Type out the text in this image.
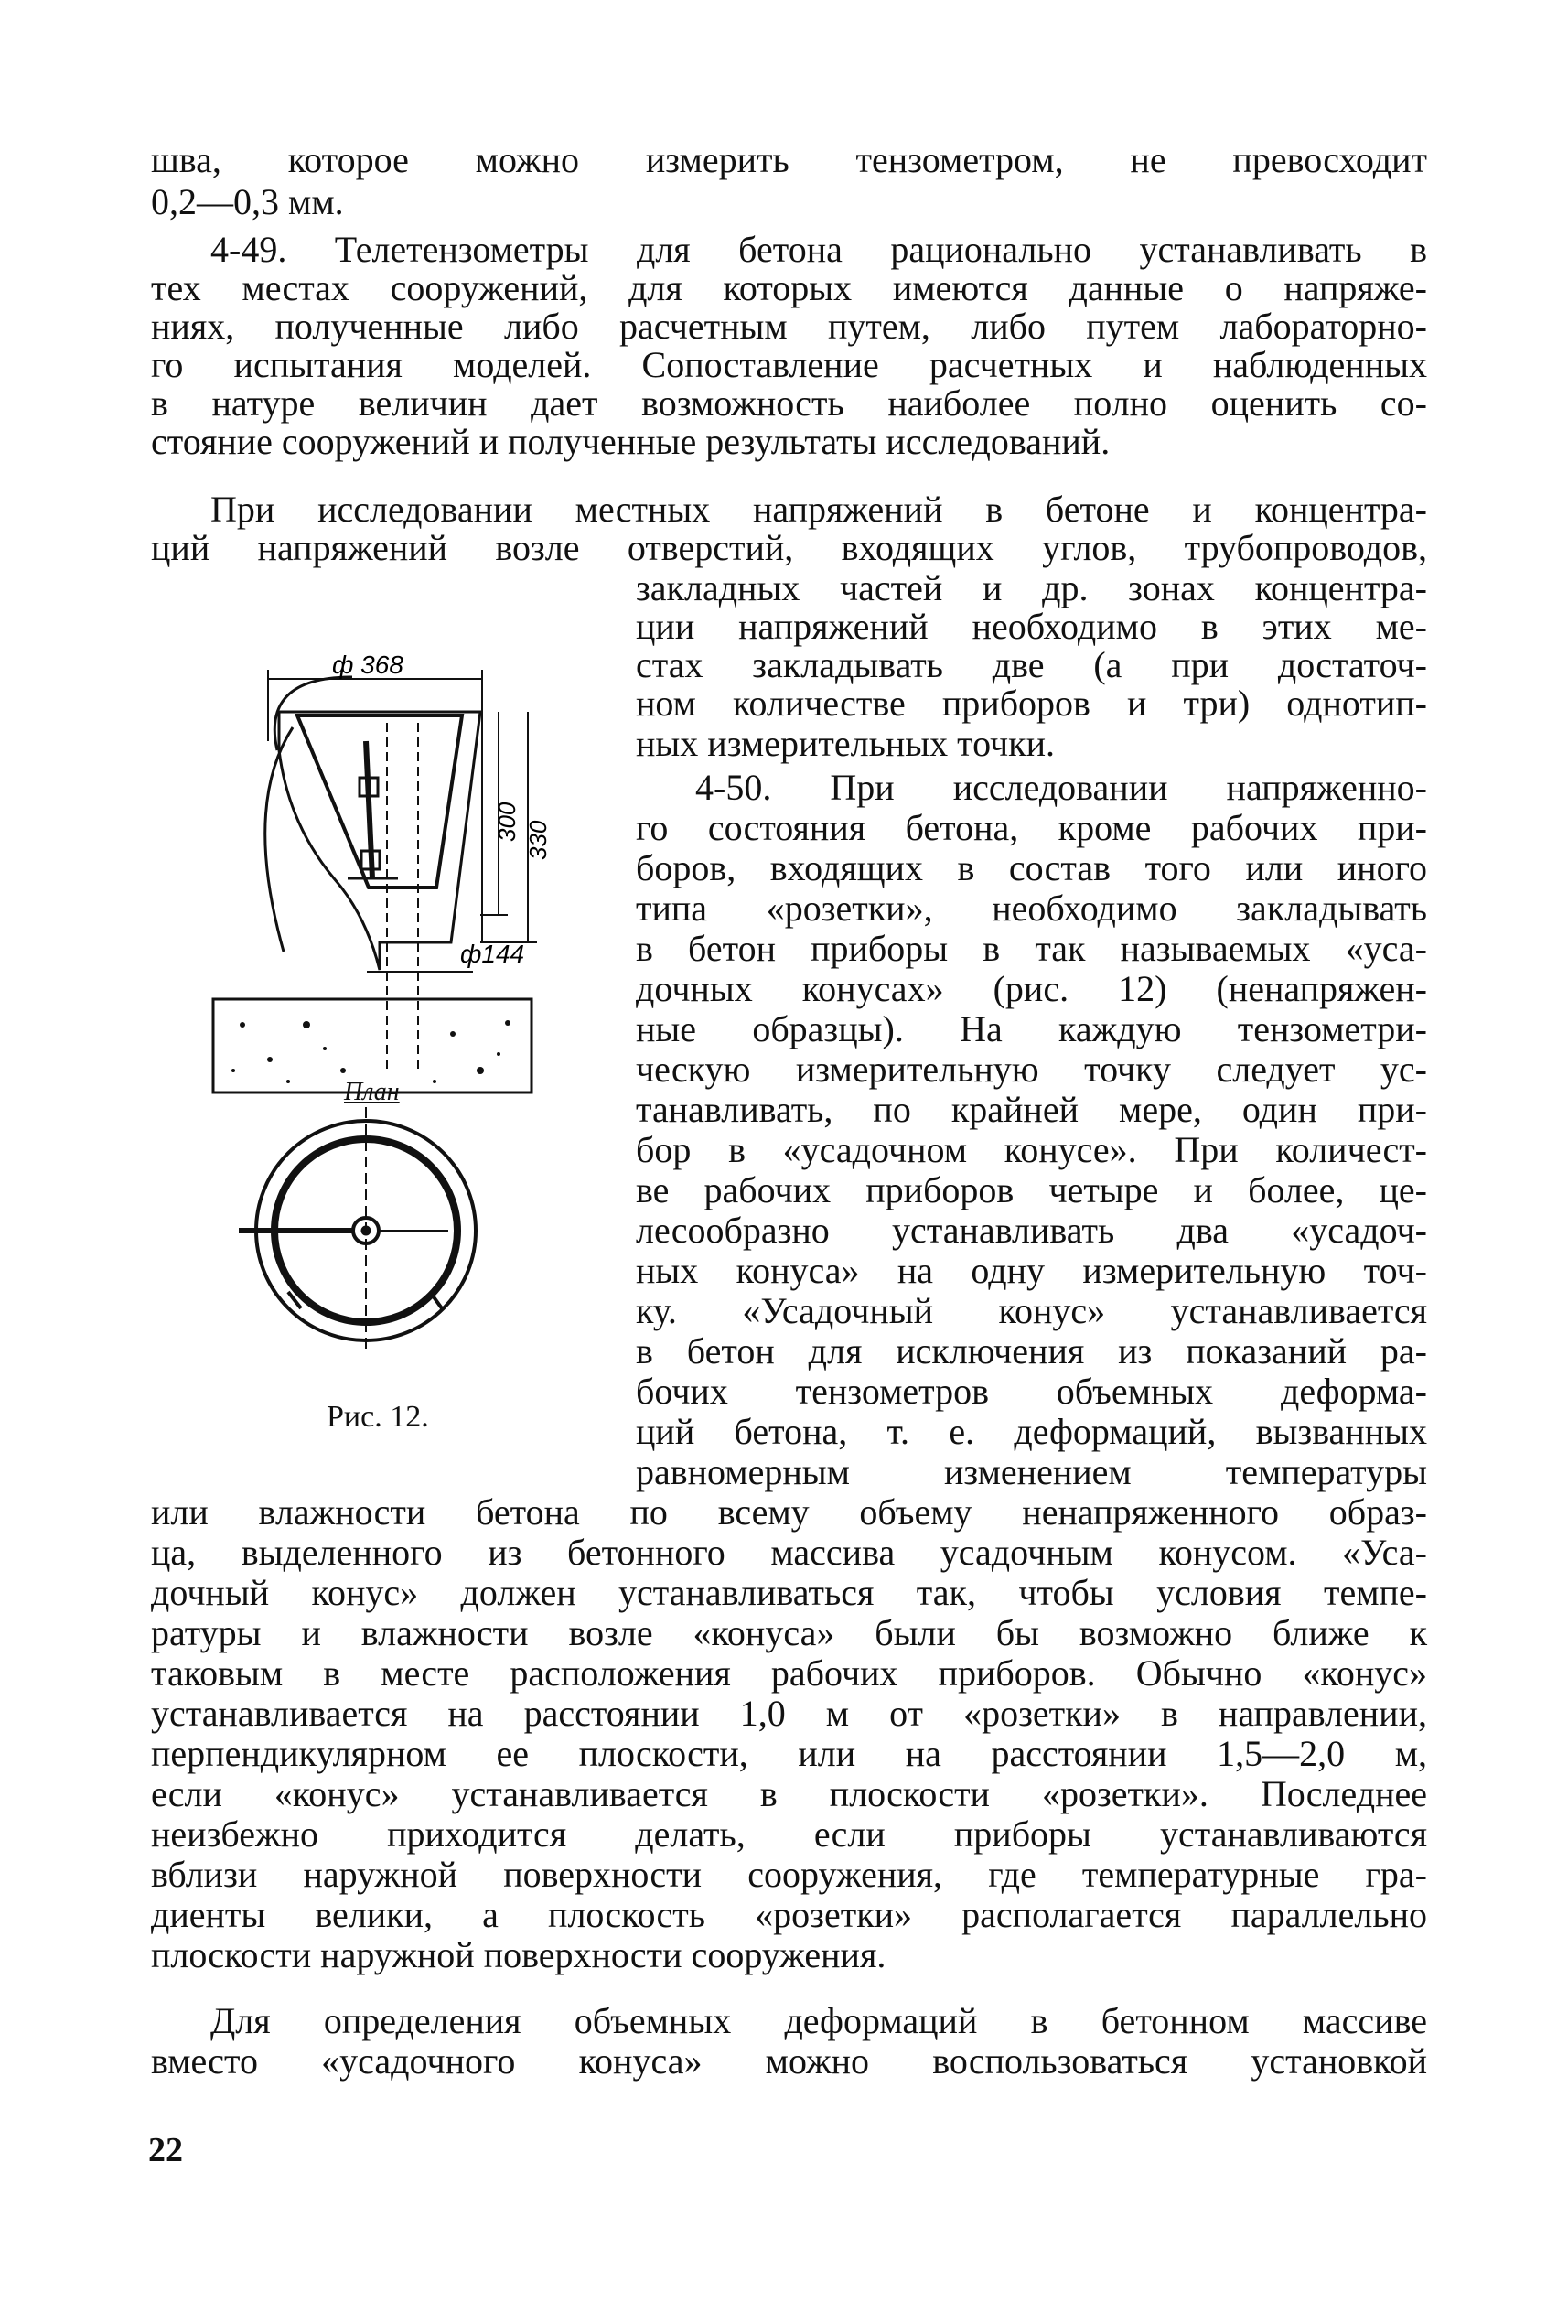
шва, которое можно измерить тензометром, не превосходит
0,2—0,3 мм.
4-49. Телетензометры для бетона рационально устанавливать в
тех местах сооружений, для которых имеются данные о напряже-
ниях, полученные либо расчетным путем, либо путем лабораторно-
го испытания моделей. Сопоставление расчетных и наблюденных
в натуре величин дает возможность наиболее полно оценить со-
стояние сооружений и полученные результаты исследований.
При исследовании местных напряжений в бетоне и концентра-
ций напряжений возле отверстий, входящих углов, трубопроводов,
закладных частей и др. зонах концентра-
ции напряжений необходимо в этих ме-
стах закладывать две (а при достаточ-
ном количестве приборов и три) однотип-
ных измерительных точки.
4-50. При исследовании напряженно-
го состояния бетона, кроме рабочих при-
боров, входящих в состав того или иного
типа «розетки», необходимо закладывать
в бетон приборы в так называемых «уса-
дочных конусах» (рис. 12) (ненапряжен-
ные образцы). На каждую тензометри-
ческую измерительную точку следует ус-
танавливать, по крайней мере, один при-
бор в «усадочном конусе». При количест-
ве рабочих приборов четыре и более, це-
лесообразно устанавливать два «усадоч-
ных конуса» на одну измерительную точ-
ку. «Усадочный конус» устанавливается
в бетон для исключения из показаний ра-
бочих тензометров объемных деформа-
ций бетона, т. е. деформаций, вызванных
равномерным изменением температуры
или влажности бетона по всему объему ненапряженного образ-
ца, выделенного из бетонного массива усадочным конусом. «Уса-
дочный конус» должен устанавливаться так, чтобы условия темпе-
ратуры и влажности возле «конуса» были бы возможно ближе к
таковым в месте расположения рабочих приборов. Обычно «конус»
устанавливается на расстоянии 1,0 м от «розетки» в направлении,
перпендикулярном ее плоскости, или на расстоянии 1,5—2,0 м,
если «конус» устанавливается в плоскости «розетки». Последнее
неизбежно приходится делать, если приборы устанавливаются
вблизи наружной поверхности сооружения, где температурные гра-
диенты велики, а плоскость «розетки» располагается параллельно
плоскости наружной поверхности сооружения.
Для определения объемных деформаций в бетонном массиве
вместо «усадочного конуса» можно воспользоваться установкой
ф 368
300 330
ф144
План
Рис. 12.
22
